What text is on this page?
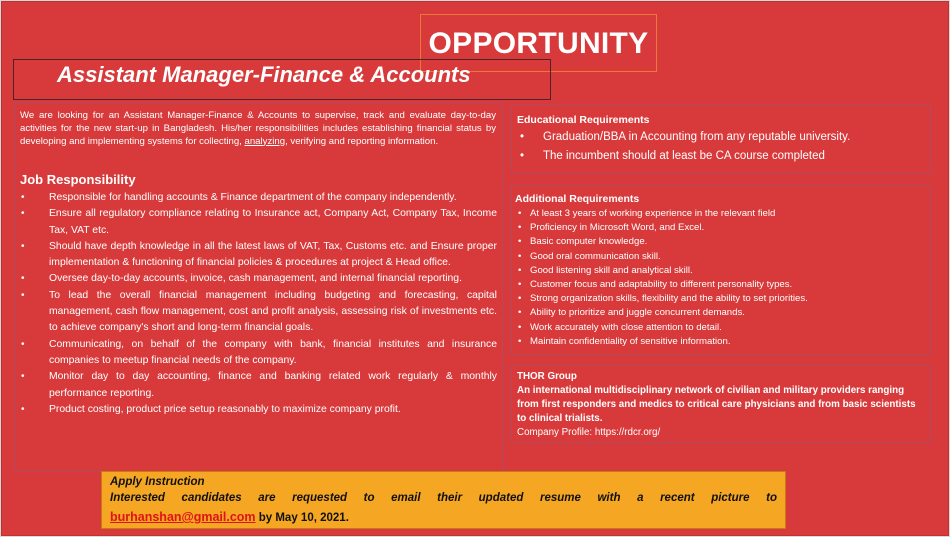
OPPORTUNITY
Assistant Manager-Finance & Accounts
We are looking for an Assistant Manager-Finance & Accounts to supervise, track and evaluate day-to-day activities for the new start-up in Bangladesh. His/her responsibilities includes establishing financial status by developing and implementing systems for collecting, analyzing, verifying and reporting information.
Job Responsibility
• Responsible for handling accounts & Finance department of the company independently.
• Ensure all regulatory compliance relating to Insurance act, Company Act, Company Tax, Income Tax, VAT etc.
• Should have depth knowledge in all the latest laws of VAT, Tax, Customs etc. and Ensure proper implementation & functioning of financial policies & procedures at project & Head office.
• Oversee day-to-day accounts, invoice, cash management, and internal financial reporting.
• To lead the overall financial management including budgeting and forecasting, capital management, cash flow management, cost and profit analysis, assessing risk of investments etc. to achieve company's short and long-term financial goals.
• Communicating, on behalf of the company with bank, financial institutes and insurance companies to meetup financial needs of the company.
• Monitor day to day accounting, finance and banking related work regularly & monthly performance reporting.
• Product costing, product price setup reasonably to maximize company profit.
Educational Requirements
• Graduation/BBA in Accounting from any reputable university.
• The incumbent should at least be CA course completed
Additional Requirements
• At least 3 years of working experience in the relevant field
• Proficiency in Microsoft Word, and Excel.
• Basic computer knowledge.
• Good oral communication skill.
• Good listening skill and analytical skill.
• Customer focus and adaptability to different personality types.
• Strong organization skills, flexibility and the ability to set priorities.
• Ability to prioritize and juggle concurrent demands.
• Work accurately with close attention to detail.
• Maintain confidentiality of sensitive information.
THOR Group
An international multidisciplinary network of civilian and military providers ranging from first responders and medics to critical care physicians and from basic scientists to clinical trialists.
Company Profile: https://rdcr.org/
Apply Instruction
Interested candidates are requested to email their updated resume with a recent picture to
burhanshan@gmail.com by May 10, 2021.
